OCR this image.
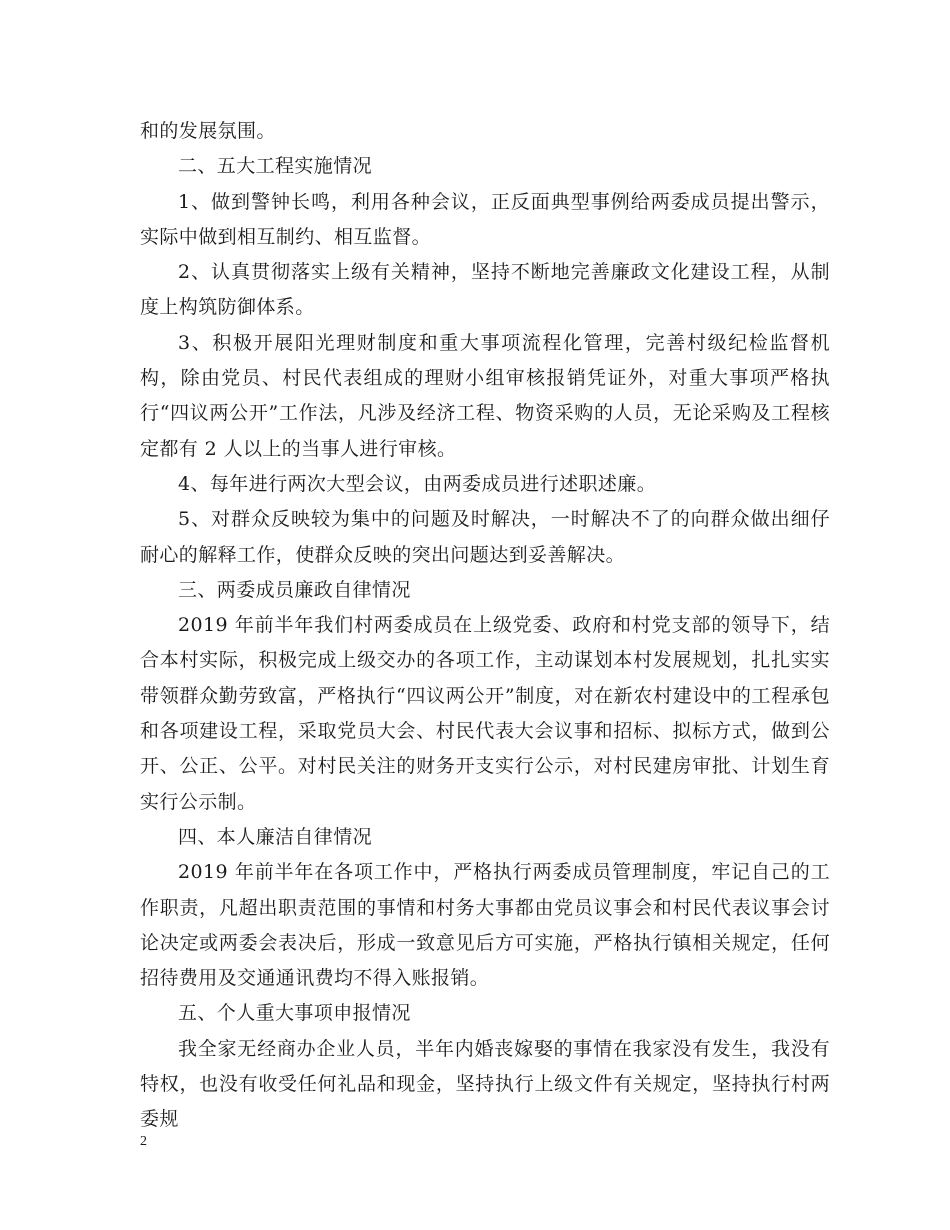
和的发展氛围。

二、五大工程实施情况

1、做到警钟长鸣，利用各种会议，正反面典型事例给两委成员提出警示，实际中做到相互制约、相互监督。

2、认真贯彻落实上级有关精神，坚持不断地完善廉政文化建设工程，从制度上构筑防御体系。

3、积极开展阳光理财制度和重大事项流程化管理，完善村级纪检监督机构，除由党员、村民代表组成的理财小组审核报销凭证外，对重大事项严格执行“四议两公开”工作法，凡涉及经济工程、物资采购的人员，无论采购及工程核定都有 2 人以上的当事人进行审核。

4、每年进行两次大型会议，由两委成员进行述职述廉。

5、对群众反映较为集中的问题及时解决，一时解决不了的向群众做出细仔耐心的解释工作，使群众反映的突出问题达到妥善解决。

三、两委成员廉政自律情况

2019 年前半年我们村两委成员在上级党委、政府和村党支部的领导下，结合本村实际，积极完成上级交办的各项工作，主动谋划本村发展规划，扎扎实实带领群众勤劳致富，严格执行“四议两公开”制度，对在新农村建设中的工程承包和各项建设工程，采取党员大会、村民代表大会议事和招标、拟标方式，做到公开、公正、公平。对村民关注的财务开支实行公示，对村民建房审批、计划生育实行公示制。

四、本人廉洁自律情况

2019 年前半年在各项工作中，严格执行两委成员管理制度，牢记自己的工作职责，凡超出职责范围的事情和村务大事都由党员议事会和村民代表议事会讨论决定或两委会表决后，形成一致意见后方可实施，严格执行镇相关规定，任何招待费用及交通通讯费均不得入账报销。

五、个人重大事项申报情况

我全家无经商办企业人员，半年内婚丧嫁娶的事情在我家没有发生，我没有特权，也没有收受任何礼品和现金，坚持执行上级文件有关规定，坚持执行村两委规

2
